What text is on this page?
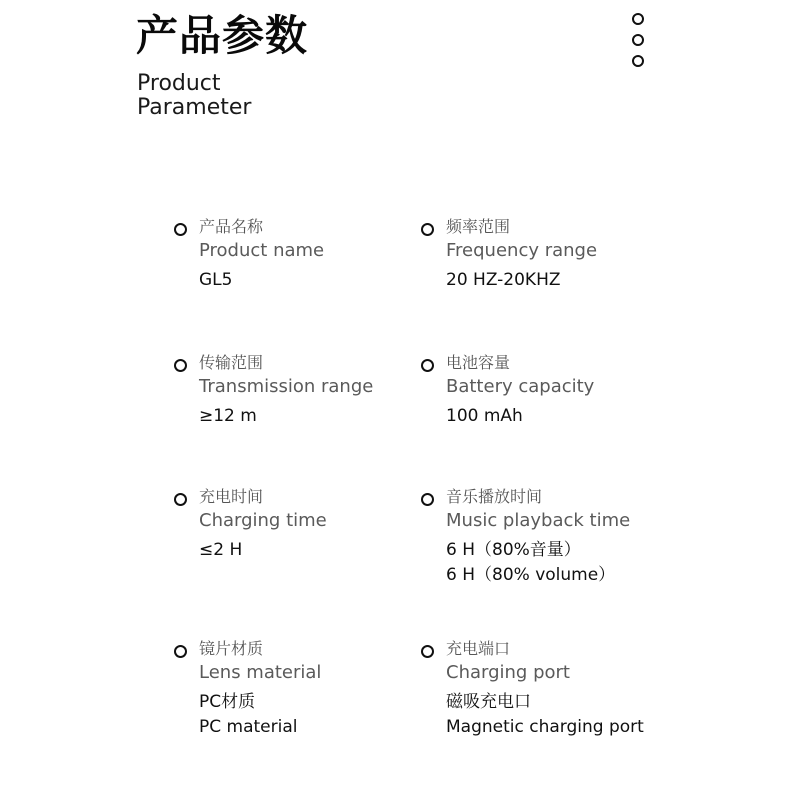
产品参数
Product
Parameter
产品名称
Product name
GL5
频率范围
Frequency range
20 HZ-20KHZ
传输范围
Transmission range
≥12 m
电池容量
Battery capacity
100 mAh
充电时间
Charging time
≤2 H
音乐播放时间
Music playback time
6 H（80%音量）
6 H（80% volume）
镜片材质
Lens material
PC材质
PC material
充电端口
Charging port
磁吸充电口
Magnetic charging port
